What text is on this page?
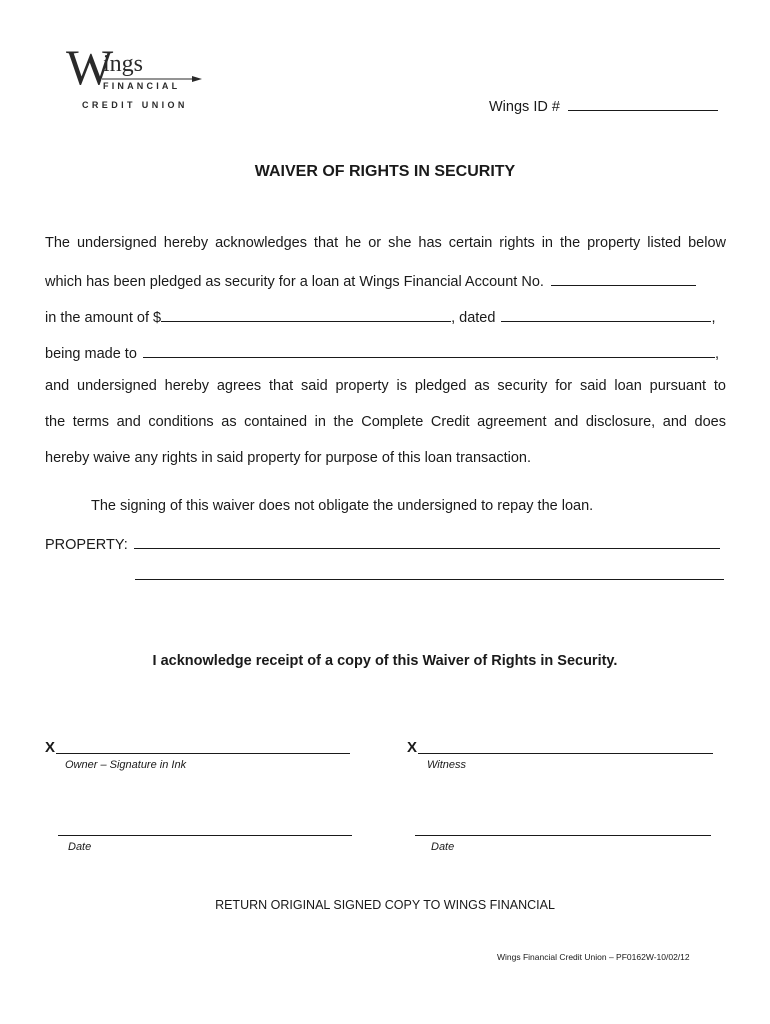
W
ings
FINANCIAL
CREDIT UNION	Wings ID #
WAIVER OF RIGHTS IN SECURITY
The undersigned hereby acknowledges that he or she has certain rights in the property listed below
which has been pledged as security for a loan at Wings Financial Account No.
in the amount of $	, dated	,
being made to	,
and undersigned hereby agrees that said property is pledged as security for said loan pursuant to
the terms and conditions as contained in the Complete Credit agreement and disclosure, and does
hereby waive any rights in said property for purpose of this loan transaction.
The signing of this waiver does not obligate the undersigned to repay the loan.
PROPERTY:
I acknowledge receipt of a copy of this Waiver of Rights in Security.
X
Owner – Signature in Ink
X
Witness
Date	Date
RETURN ORIGINAL SIGNED COPY TO WINGS FINANCIAL
Wings Financial Credit Union – PF0162W-10/02/12
